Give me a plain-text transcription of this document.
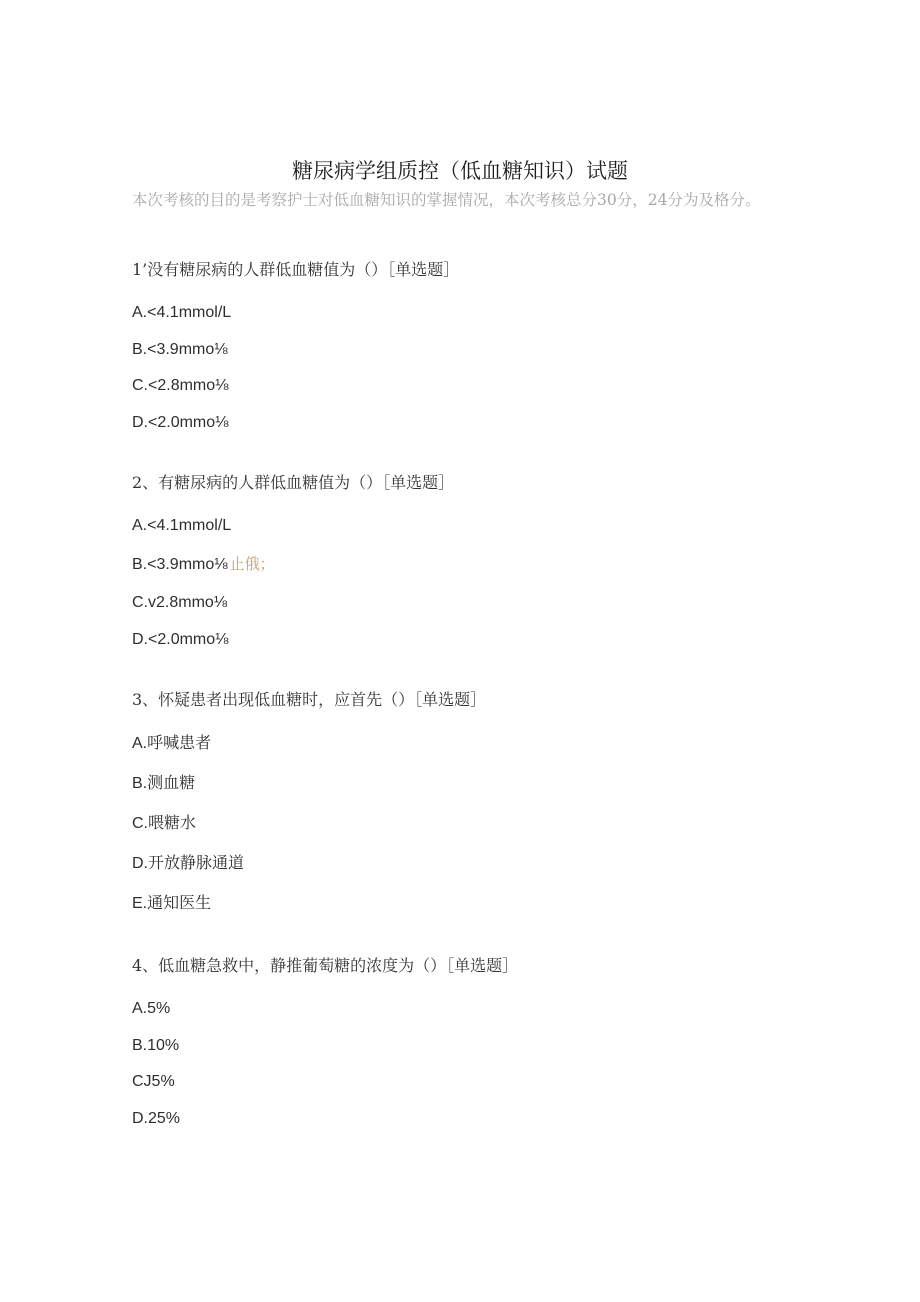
糖尿病学组质控（低血糖知识）试题
本次考核的目的是考察护士对低血糖知识的掌握情况，本次考核总分30分，24分为及格分。
1’没有糖尿病的人群低血糖值为（）［单选题］
A.<4.1mmol/L
B.<3.9mmo⅛
C.<2.8mmo⅛
D.<2.0mmo⅛
2、有糖尿病的人群低血糖值为（）［单选题］
A.<4.1mmol/L
B.<3.9mmo⅛ 止俄；
C.v2.8mmo⅛
D.<2.0mmo⅛
3、怀疑患者出现低血糖时，应首先（）［单选题］
A.呼喊患者
B.测血糖
C.喂糖水
D.开放静脉通道
E.通知医生
4、低血糖急救中，静推葡萄糖的浓度为（）［单选题］
A.5%
B.10%
CJ5%
D.25%
